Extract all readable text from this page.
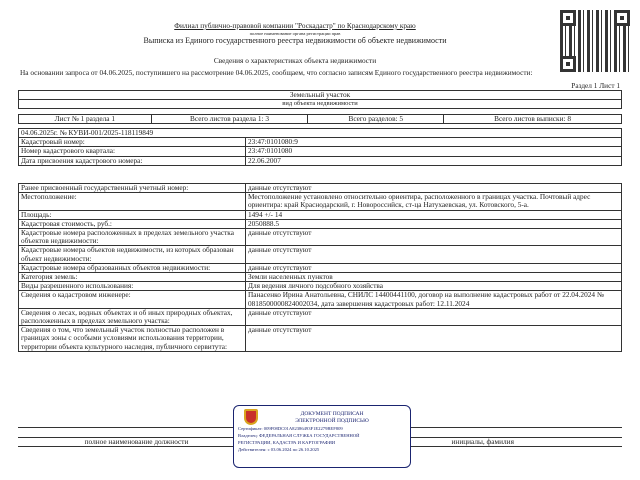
Филиал публично-правовой компании "Роскадастр" по Краснодарскому краю
полное наименование органа регистрации прав
Выписка из Единого государственного реестра недвижимости об объекте недвижимости
Сведения о характеристиках объекта недвижимости
На основании запроса от 04.06.2025, поступившего на рассмотрение 04.06.2025, сообщаем, что согласно записям Единого государственного реестра недвижимости:
Раздел 1 Лист 1
Земельный участок
вид объекта недвижимости
Лист № 1 раздела 1	Всего листов раздела 1: 3	Всего разделов: 5	Всего листов выписки: 8
04.06.2025г. № КУВИ-001/2025-118119849	
Кадастровый номер:	23:47:0101080:9
Номер кадастрового квартала:	23:47:0101080
Дата присвоения кадастрового номера:	22.06.2007
Ранее присвоенный государственный учетный номер:	данные отсутствуют
Местоположение:	Местоположение установлено относительно ориентира, расположенного в границах участка. Почтовый адрес ориентира: край Краснодарский, г. Новороссийск, ст-ца Натухаевская, ул. Котовского, 5-а.
Площадь:	1494 +/- 14
Кадастровая стоимость, руб.:	2050888.5
Кадастровые номера расположенных в пределах земельного участка объектов недвижимости:	данные отсутствуют
Кадастровые номера объектов недвижимости, из которых образован объект недвижимости:	данные отсутствуют
Кадастровые номера образованных объектов недвижимости:	данные отсутствуют
Категория земель:	Земли населенных пунктов
Виды разрешенного использования:	Для ведения личного подсобного хозяйства
Сведения о кадастровом инженере:	Панасенко Ирина Анатольевна, СНИЛС 14400441100, договор на выполнение кадастровых работ от 22.04.2024 № 0818500000824002034, дата завершения кадастровых работ: 12.11.2024
Сведения о лесах, водных объектах и об иных природных объектах, расположенных в пределах земельного участка:	данные отсутствуют
Сведения о том, что земельный участок полностью расположен в границах зоны с особыми условиями использования территории, территории объекта культурного наследия, публичного сервитута:	данные отсутствуют

полное наименование должности		инициалы, фамилия
ДОКУМЕНТ ПОДПИСАН
ЭЛЕКТРОННОЙ ПОДПИСЬЮ
Сертификат: 009F08DC01A82386493F1E2279BEF809
Владелец: ФЕДЕРАЛЬНАЯ СЛУЖБА ГОСУДАРСТВЕННОЙ
РЕГИСТРАЦИИ, КАДАСТРА И КАРТОГРАФИИ
Действителен: с 03.06.2024 по 26.10.2025
